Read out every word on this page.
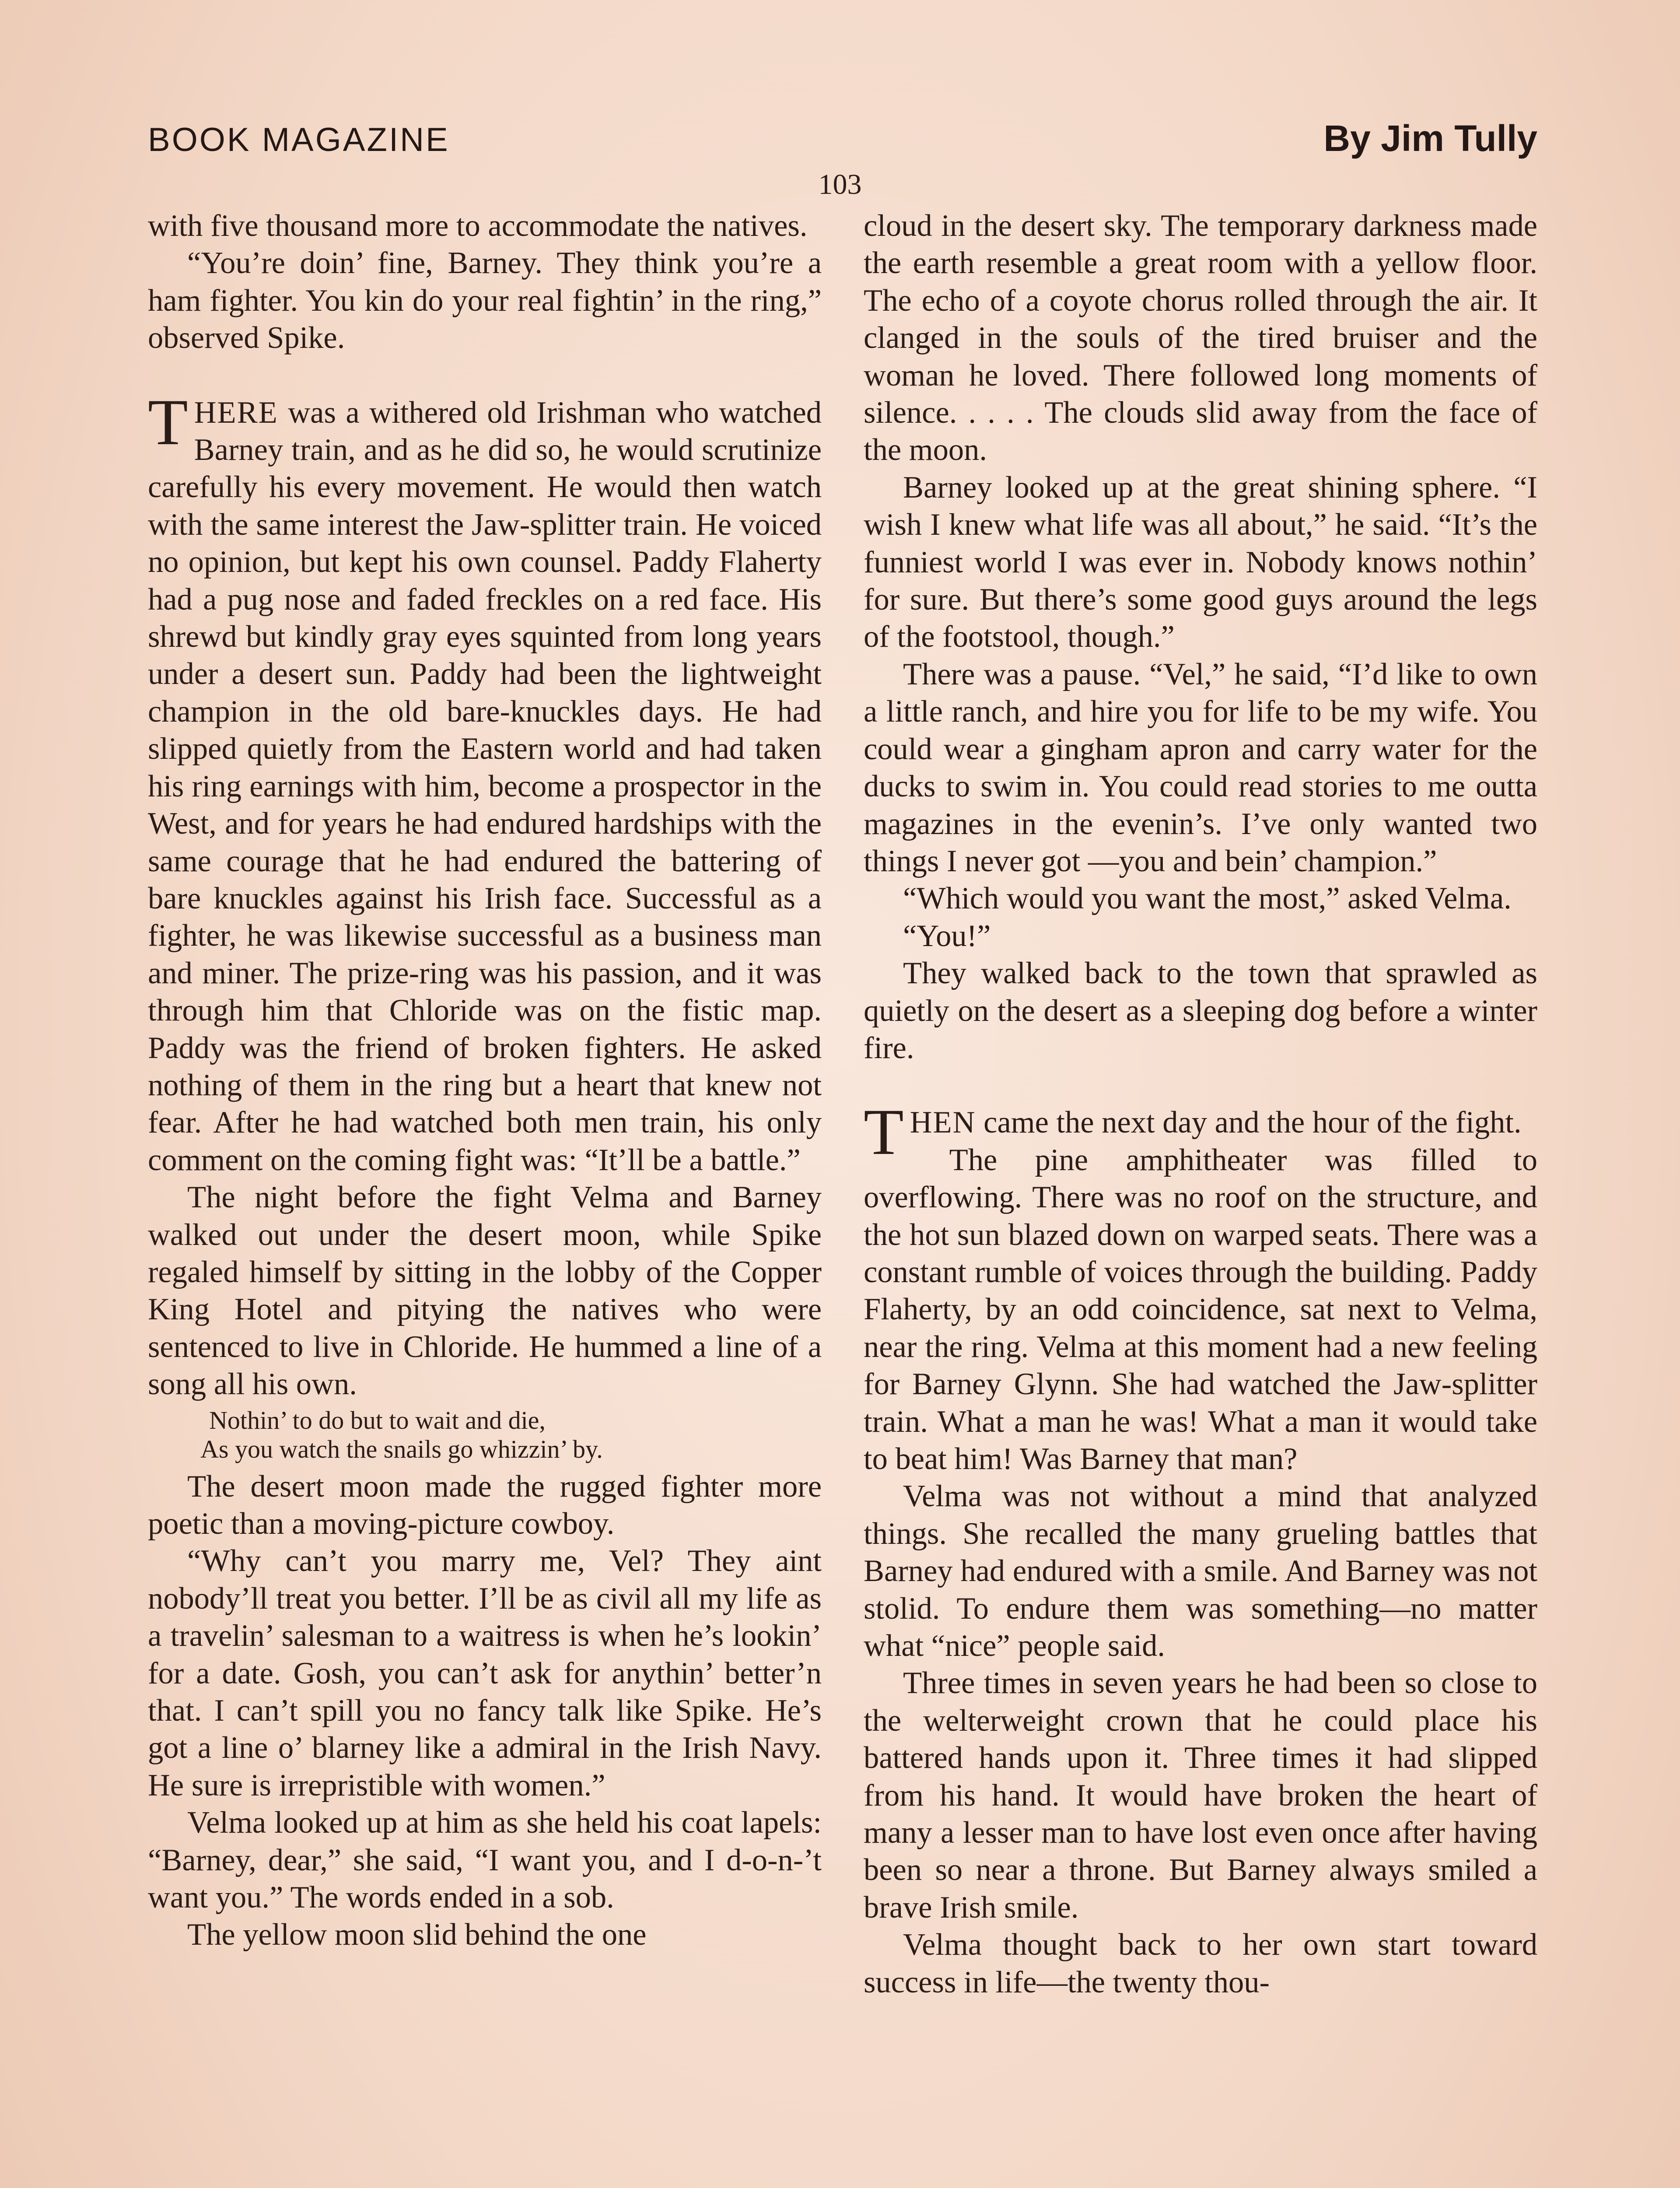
BOOK MAGAZINE	By Jim Tully
103

with five thousand more to accommodate the natives.

“You’re doin’ fine, Barney. They think you’re a ham fighter. You kin do your real fightin’ in the ring,” observed Spike.

THERE was a withered old Irishman who watched Barney train, and as he did so, he would scrutinize carefully his every movement. He would then watch with the same interest the Jaw-splitter train. He voiced no opinion, but kept his own counsel. Paddy Flaherty had a pug nose and faded freckles on a red face. His shrewd but kindly gray eyes squinted from long years under a desert sun. Paddy had been the lightweight champion in the old bare-knuckles days. He had slipped quietly from the Eastern world and had taken his ring earnings with him, become a prospector in the West, and for years he had endured hardships with the same courage that he had endured the battering of bare knuckles against his Irish face. Successful as a fighter, he was likewise successful as a business man and miner. The prize-ring was his passion, and it was through him that Chloride was on the fistic map. Paddy was the friend of broken fighters. He asked nothing of them in the ring but a heart that knew not fear. After he had watched both men train, his only comment on the coming fight was: “It’ll be a battle.”

The night before the fight Velma and Barney walked out under the desert moon, while Spike regaled himself by sitting in the lobby of the Copper King Hotel and pitying the natives who were sentenced to live in Chloride. He hummed a line of a song all his own.

Nothin’ to do but to wait and die,
As you watch the snails go whizzin’ by.

The desert moon made the rugged fighter more poetic than a moving-picture cowboy.

“Why can’t you marry me, Vel? They aint nobody’ll treat you better. I’ll be as civil all my life as a travelin’ salesman to a waitress is when he’s lookin’ for a date. Gosh, you can’t ask for anythin’ better’n that. I can’t spill you no fancy talk like Spike. He’s got a line o’ blarney like a admiral in the Irish Navy. He sure is irrepristible with women.”

Velma looked up at him as she held his coat lapels: “Barney, dear,” she said, “I want you, and I d-o-n-’t want you.” The words ended in a sob.

The yellow moon slid behind the one

cloud in the desert sky. The temporary darkness made the earth resemble a great room with a yellow floor. The echo of a coyote chorus rolled through the air. It clanged in the souls of the tired bruiser and the woman he loved. There followed long moments of silence. . . . . The clouds slid away from the face of the moon.

Barney looked up at the great shining sphere. “I wish I knew what life was all about,” he said. “It’s the funniest world I was ever in. Nobody knows nothin’ for sure. But there’s some good guys around the legs of the footstool, though.”

There was a pause. “Vel,” he said, “I’d like to own a little ranch, and hire you for life to be my wife. You could wear a gingham apron and carry water for the ducks to swim in. You could read stories to me outta magazines in the evenin’s. I’ve only wanted two things I never got —you and bein’ champion.”

“Which would you want the most,” asked Velma.

“You!”

They walked back to the town that sprawled as quietly on the desert as a sleeping dog before a winter fire.

THEN came the next day and the hour of the fight.

The pine amphitheater was filled to overflowing. There was no roof on the structure, and the hot sun blazed down on warped seats. There was a constant rumble of voices through the building. Paddy Flaherty, by an odd coincidence, sat next to Velma, near the ring. Velma at this moment had a new feeling for Barney Glynn. She had watched the Jaw-splitter train. What a man he was! What a man it would take to beat him! Was Barney that man?

Velma was not without a mind that analyzed things. She recalled the many grueling battles that Barney had endured with a smile. And Barney was not stolid. To endure them was something—no matter what “nice” people said.

Three times in seven years he had been so close to the welterweight crown that he could place his battered hands upon it. Three times it had slipped from his hand. It would have broken the heart of many a lesser man to have lost even once after having been so near a throne. But Barney always smiled a brave Irish smile.

Velma thought back to her own start toward success in life—the twenty thou-
